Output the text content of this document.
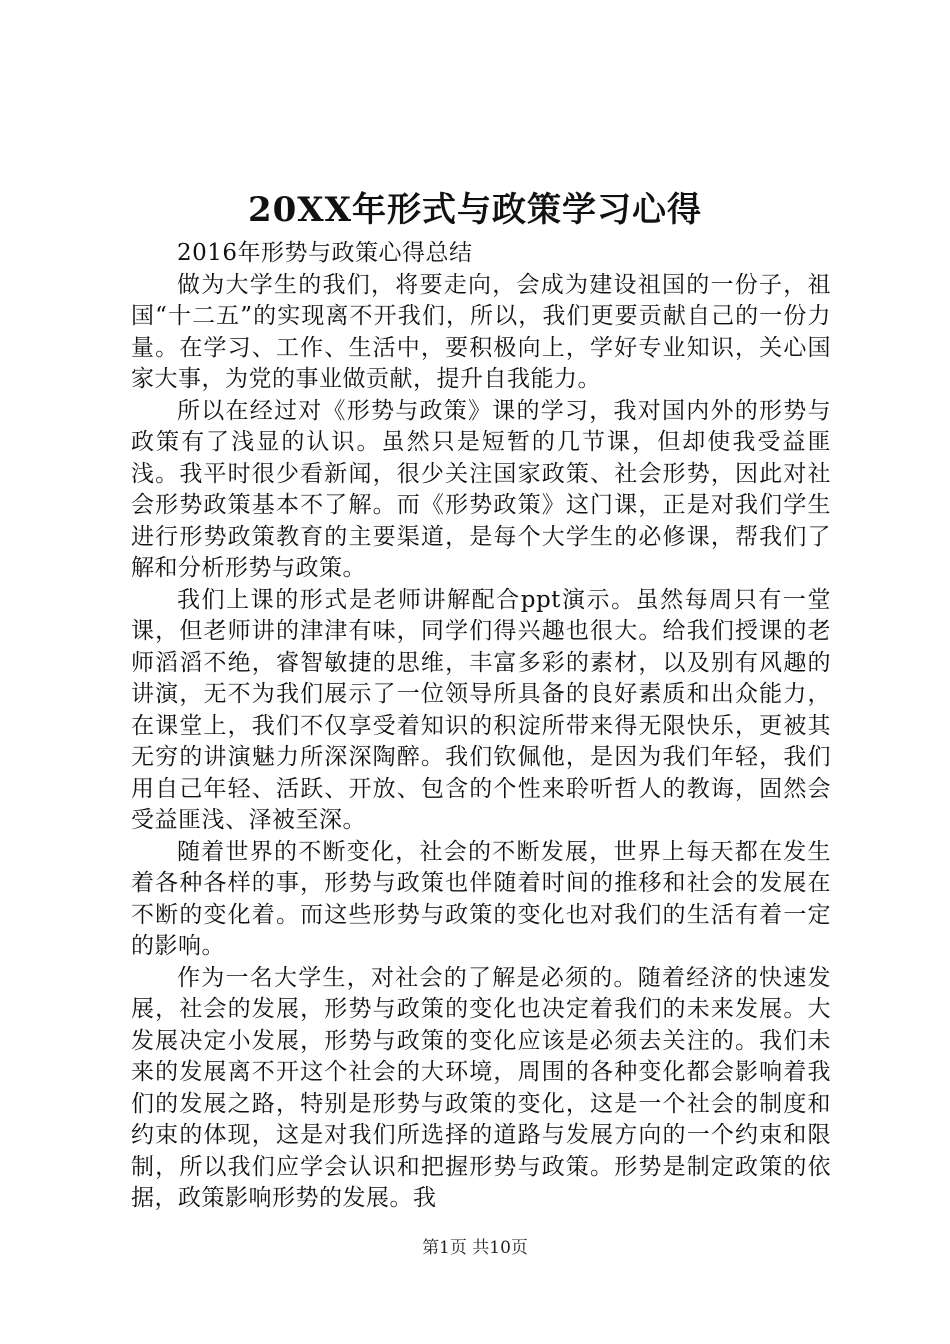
20XX年形式与政策学习心得

2016年形势与政策心得总结

做为大学生的我们，将要走向，会成为建设祖国的一份子，祖国“十二五”的实现离不开我们，所以，我们更要贡献自己的一份力量。在学习、工作、生活中，要积极向上，学好专业知识，关心国家大事，为党的事业做贡献，提升自我能力。

所以在经过对《形势与政策》课的学习，我对国内外的形势与政策有了浅显的认识。虽然只是短暂的几节课，但却使我受益匪浅。我平时很少看新闻，很少关注国家政策、社会形势，因此对社会形势政策基本不了解。而《形势政策》这门课，正是对我们学生进行形势政策教育的主要渠道，是每个大学生的必修课，帮我们了解和分析形势与政策。

我们上课的形式是老师讲解配合ppt演示。虽然每周只有一堂课，但老师讲的津津有味，同学们得兴趣也很大。给我们授课的老师滔滔不绝，睿智敏捷的思维，丰富多彩的素材，以及别有风趣的讲演，无不为我们展示了一位领导所具备的良好素质和出众能力，在课堂上，我们不仅享受着知识的积淀所带来得无限快乐，更被其无穷的讲演魅力所深深陶醉。我们钦佩他，是因为我们年轻，我们用自己年轻、活跃、开放、包含的个性来聆听哲人的教诲，固然会受益匪浅、泽被至深。

随着世界的不断变化，社会的不断发展，世界上每天都在发生着各种各样的事，形势与政策也伴随着时间的推移和社会的发展在不断的变化着。而这些形势与政策的变化也对我们的生活有着一定的影响。

作为一名大学生，对社会的了解是必须的。随着经济的快速发展，社会的发展，形势与政策的变化也决定着我们的未来发展。大发展决定小发展，形势与政策的变化应该是必须去关注的。我们未来的发展离不开这个社会的大环境，周围的各种变化都会影响着我们的发展之路，特别是形势与政策的变化，这是一个社会的制度和约束的体现，这是对我们所选择的道路与发展方向的一个约束和限制，所以我们应学会认识和把握形势与政策。形势是制定政策的依据，政策影响形势的发展。我

第1页 共10页
